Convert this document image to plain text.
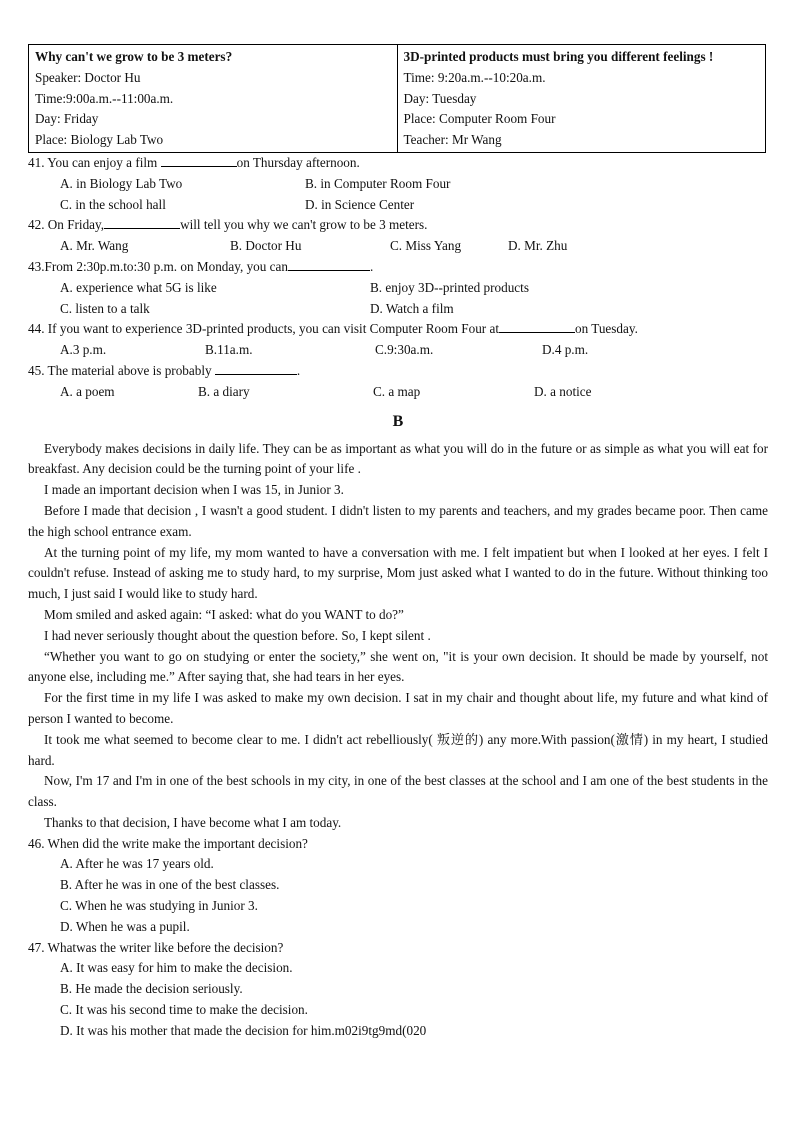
Why can't we grow to be 3 meters?
Speaker: Doctor Hu
Time:9:00a.m.--11:00a.m.
Day: Friday
Place: Biology Lab Two

3D-printed products must bring you different feelings !
Time: 9:20a.m.--10:20a.m.
Day: Tuesday
Place: Computer Room Four
Teacher: Mr Wang
41. You can enjoy a film	on Thursday afternoon.
A. in Biology Lab Two	B. in Computer Room Four
C. in the school hall	D. in Science Center
42. On Friday,	will tell you why we can't grow to be 3 meters.
A. Mr. Wang	B. Doctor Hu	C. Miss Yang	D. Mr. Zhu
43.From 2:30p.m.to:30 p.m. on Monday, you can	.
A. experience what 5G is like	B. enjoy 3D--printed products
C. listen to a talk	D. Watch a film
44. If you want to experience 3D-printed products, you can visit Computer Room Four at	on Tuesday.
A.3 p.m.	B.11a.m.	C.9:30a.m.	D.4 p.m.
45. The material above is probably	.
A. a poem	B. a diary	C. a map	D. a notice
B
Everybody makes decisions in daily life. They can be as important as what you will do in the future or as simple as what you will eat for breakfast. Any decision could be the turning point of your life .
I made an important decision when I was 15, in Junior 3.
Before I made that decision , I wasn't a good student. I didn't listen to my parents and teachers, and my grades became poor. Then came the high school entrance exam.
At the turning point of my life, my mom wanted to have a conversation with me. I felt impatient but when I looked at her eyes. I felt I couldn't refuse. Instead of asking me to study hard, to my surprise, Mom just asked what I wanted to do in the future. Without thinking too much, I just said I would like to study hard.
Mom smiled and asked again: “I asked: what do you WANT to do?”
I had never seriously thought about the question before. So, I kept silent .
“Whether you want to go on studying or enter the society,” she went on, "it is your own decision. It should be made by yourself, not anyone else, including me.” After saying that, she had tears in her eyes.
For the first time in my life I was asked to make my own decision. I sat in my chair and thought about life, my future and what kind of person I wanted to become.
It took me what seemed to become clear to me. I didn't act rebelliously( 叛逆的) any more.With passion(激情) in my heart, I studied hard.
Now, I'm 17 and I'm in one of the best schools in my city, in one of the best classes at the school and I am one of the best students in the class.
Thanks to that decision, I have become what I am today.
46. When did the write make the important decision?
A. After he was 17 years old.
B. After he was in one of the best classes.
C. When he was studying in Junior 3.
D. When he was a pupil.
47. Whatwas the writer like before the decision?
A. It was easy for him to make the decision.
B. He made the decision seriously.
C. It was his second time to make the decision.
D. It was his mother that made the decision for him.m02i9tg9md(020
